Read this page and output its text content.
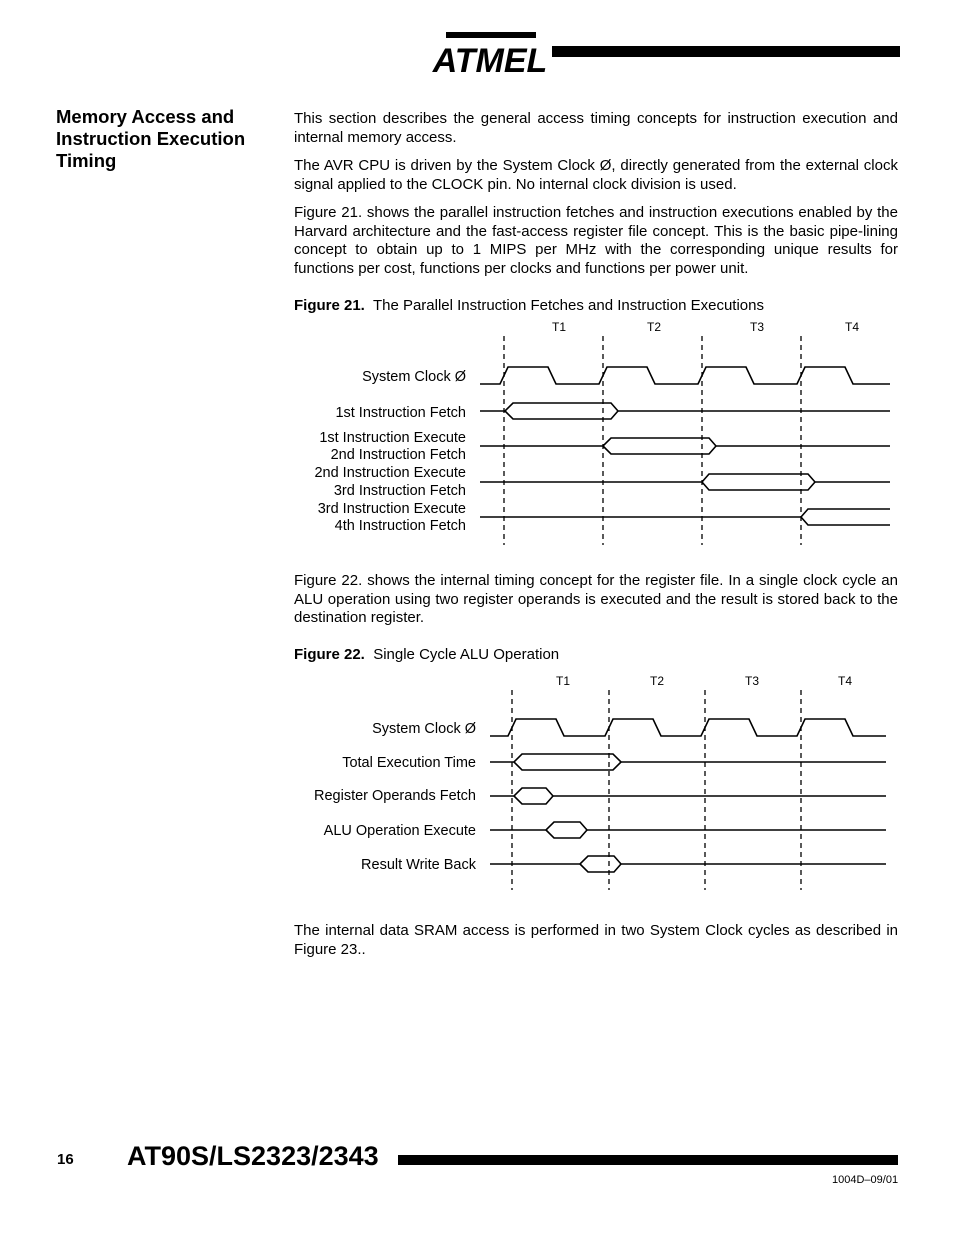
ATMEL
Memory Access and Instruction Execution Timing

This section describes the general access timing concepts for instruction execution and internal memory access.

The AVR CPU is driven by the System Clock Ø, directly generated from the external clock signal applied to the CLOCK pin. No internal clock division is used.

Figure 21. shows the parallel instruction fetches and instruction executions enabled by the Harvard architecture and the fast-access register file concept. This is the basic pipe-lining concept to obtain up to 1 MIPS per MHz with the corresponding unique results for functions per cost, functions per clocks and functions per power unit.

Figure 21. The Parallel Instruction Fetches and Instruction Executions
T1	T2	T3	T4
System Clock Ø
1st Instruction Fetch
1st Instruction Execute
2nd Instruction Fetch
2nd Instruction Execute
3rd Instruction Fetch
3rd Instruction Execute
4th Instruction Fetch

Figure 22. shows the internal timing concept for the register file. In a single clock cycle an ALU operation using two register operands is executed and the result is stored back to the destination register.

Figure 22. Single Cycle ALU Operation
T1	T2	T3	T4
System Clock Ø
Total Execution Time
Register Operands Fetch
ALU Operation Execute
Result Write Back

The internal data SRAM access is performed in two System Clock cycles as described in Figure 23..

16 AT90S/LS2323/2343
1004D–09/01
